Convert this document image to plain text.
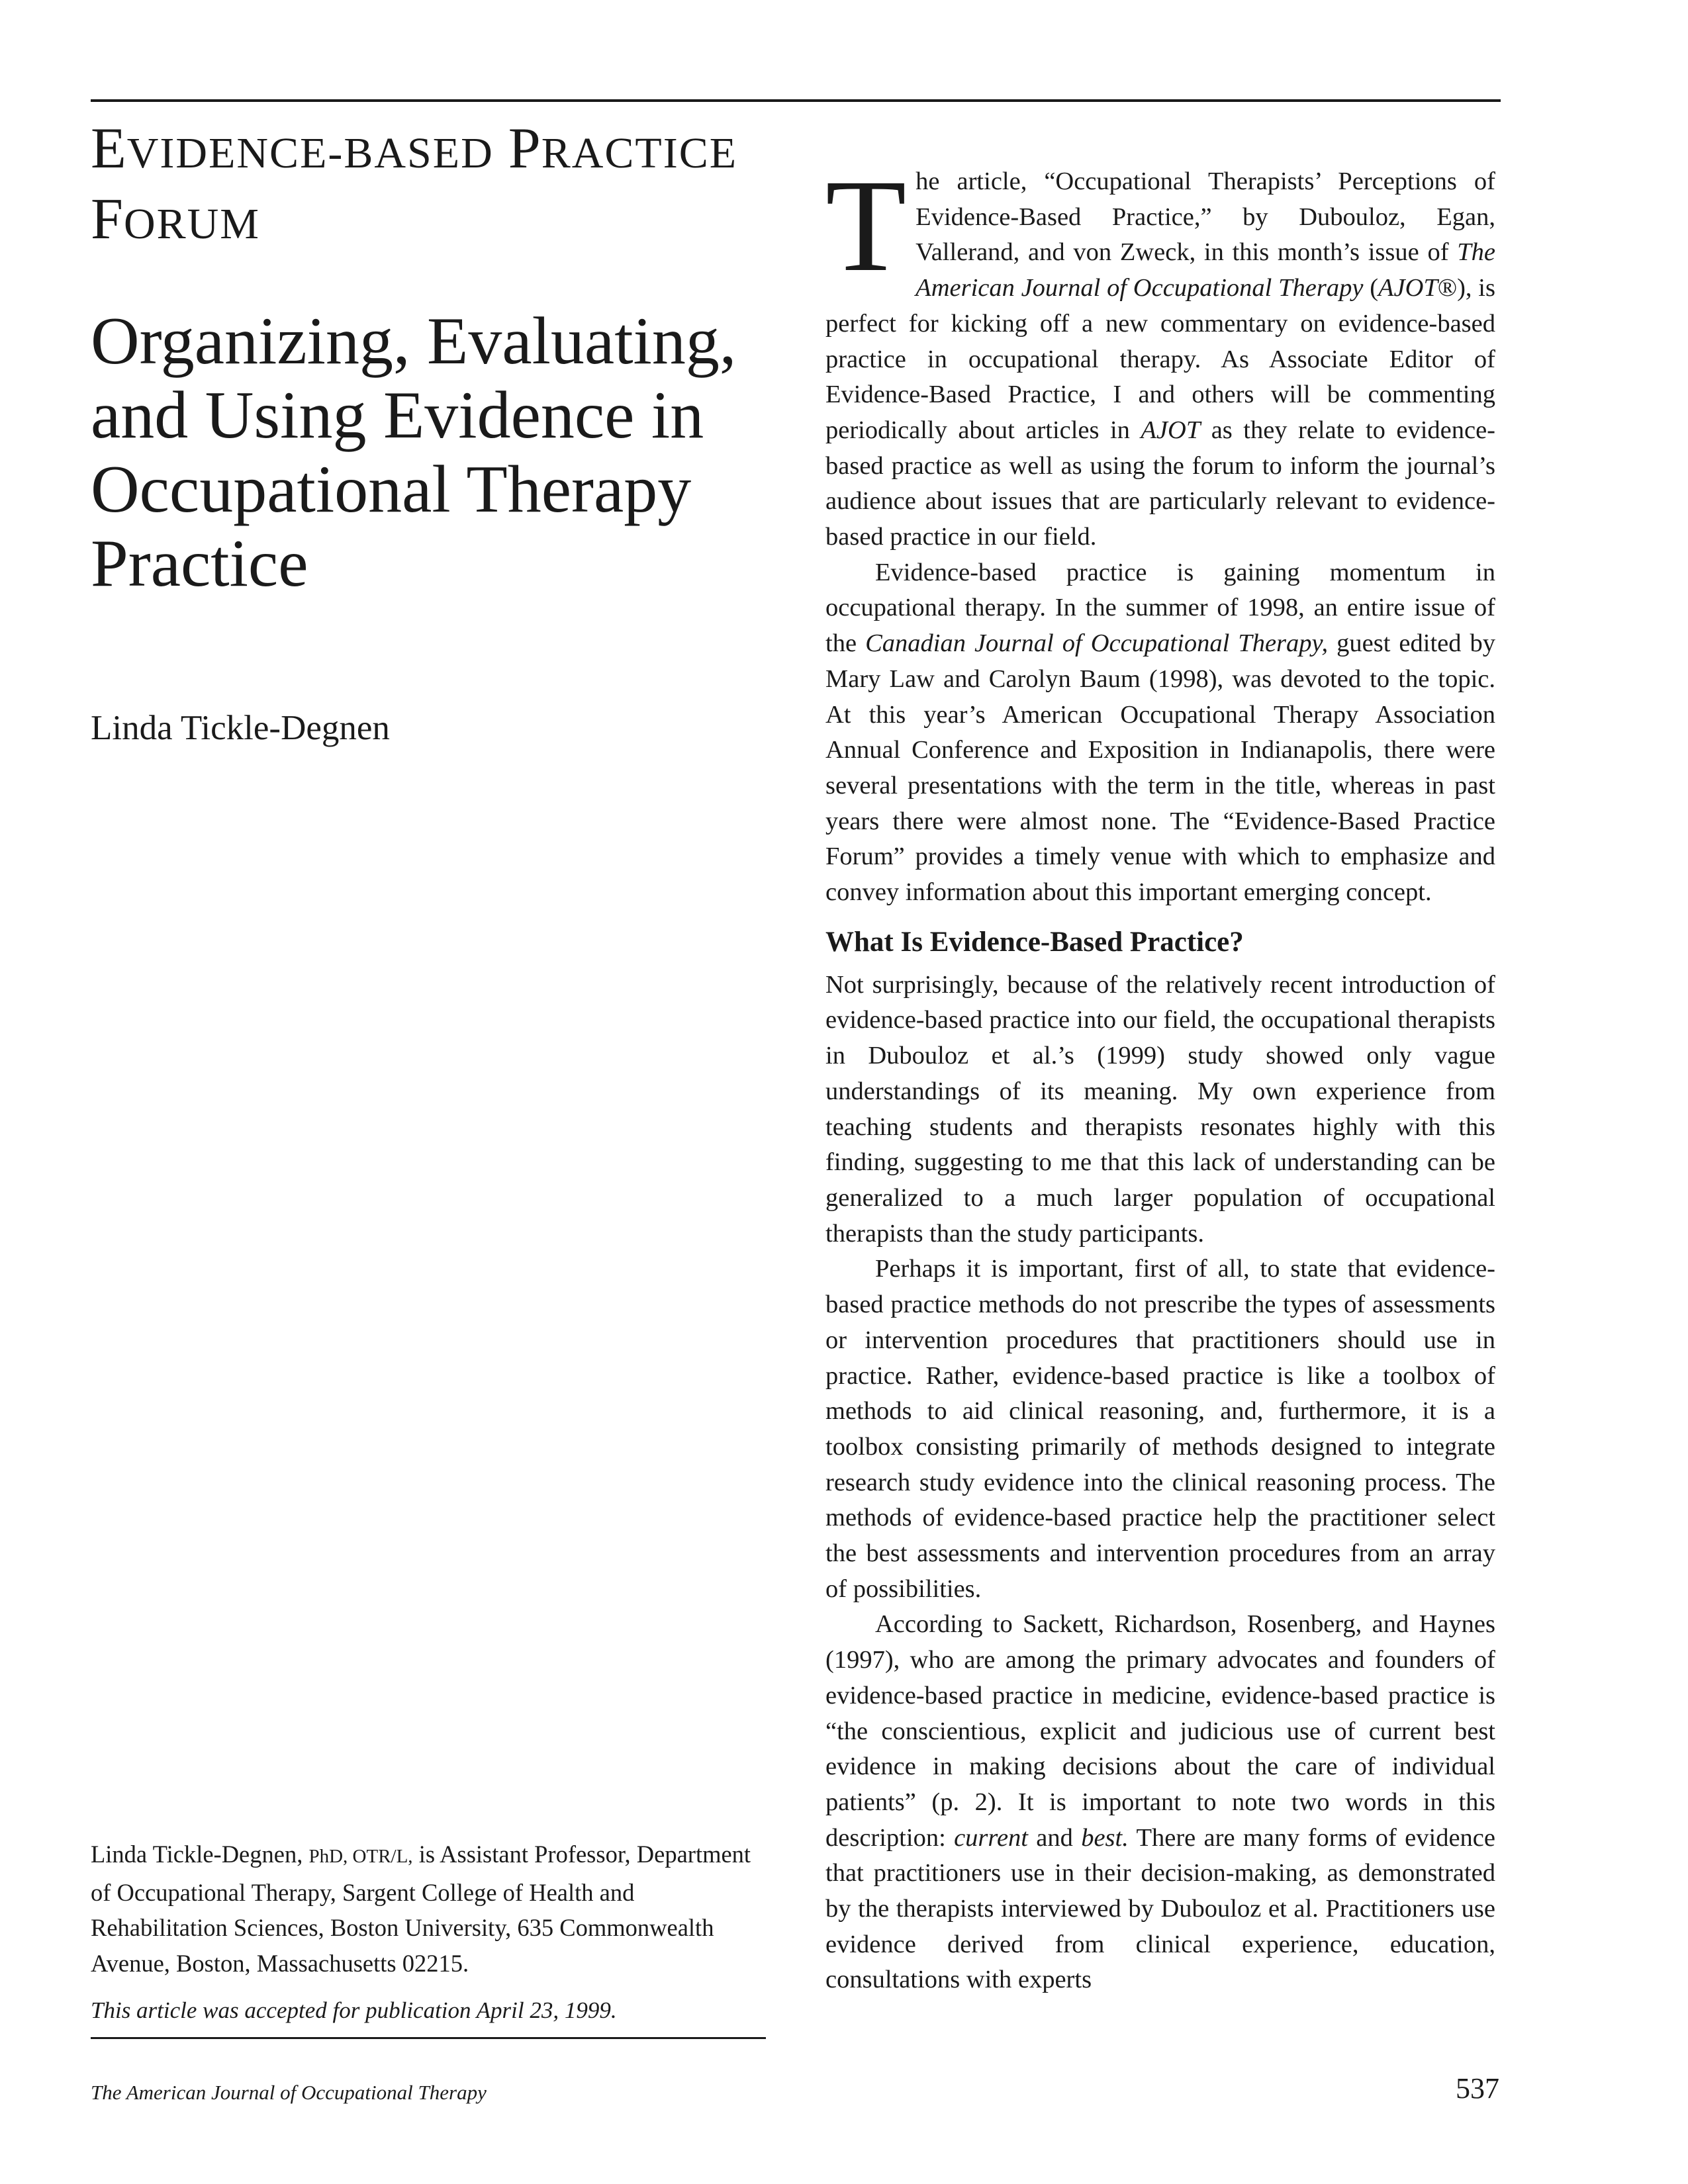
EVIDENCE-BASED PRACTICE
FORUM
Organizing, Evaluating, and Using Evidence in Occupational Therapy Practice
Linda Tickle-Degnen
Linda Tickle-Degnen, PhD, OTR/L, is Assistant Professor, Department of Occupational Therapy, Sargent College of Health and Rehabilitation Sciences, Boston University, 635 Commonwealth Avenue, Boston, Massachusetts 02215.
This article was accepted for publication April 23, 1999.

The article, “Occupational Therapists’ Perceptions of Evidence-Based Practice,” by Dubouloz, Egan, Vallerand, and von Zweck, in this month’s issue of The American Journal of Occupational Therapy (AJOT®), is perfect for kicking off a new commentary on evidence-based practice in occupational therapy. As Associate Editor of Evidence-Based Practice, I and others will be commenting periodically about articles in AJOT as they relate to evidence-based practice as well as using the forum to inform the journal’s audience about issues that are particularly relevant to evidence-based practice in our field.

Evidence-based practice is gaining momentum in occupational therapy. In the summer of 1998, an entire issue of the Canadian Journal of Occupational Therapy, guest edited by Mary Law and Carolyn Baum (1998), was devoted to the topic. At this year’s American Occupational Therapy Association Annual Conference and Exposition in Indianapolis, there were several presentations with the term in the title, whereas in past years there were almost none. The “Evidence-Based Practice Forum” provides a timely venue with which to emphasize and convey information about this important emerging concept.

What Is Evidence-Based Practice?

Not surprisingly, because of the relatively recent introduction of evidence-based practice into our field, the occupational therapists in Dubouloz et al.’s (1999) study showed only vague understandings of its meaning. My own experience from teaching students and therapists resonates highly with this finding, suggesting to me that this lack of understanding can be generalized to a much larger population of occupational therapists than the study participants.

Perhaps it is important, first of all, to state that evidence-based practice methods do not prescribe the types of assessments or intervention procedures that practitioners should use in practice. Rather, evidence-based practice is like a toolbox of methods to aid clinical reasoning, and, furthermore, it is a toolbox consisting primarily of methods designed to integrate research study evidence into the clinical reasoning process. The methods of evidence-based practice help the practitioner select the best assessments and intervention procedures from an array of possibilities.

According to Sackett, Richardson, Rosenberg, and Haynes (1997), who are among the primary advocates and founders of evidence-based practice in medicine, evidence-based practice is “the conscientious, explicit and judicious use of current best evidence in making decisions about the care of individual patients” (p. 2). It is important to note two words in this description: current and best. There are many forms of evidence that practitioners use in their decision-making, as demonstrated by the therapists interviewed by Dubouloz et al. Practitioners use evidence derived from clinical experience, education, consultations with experts

The American Journal of Occupational Therapy	537
